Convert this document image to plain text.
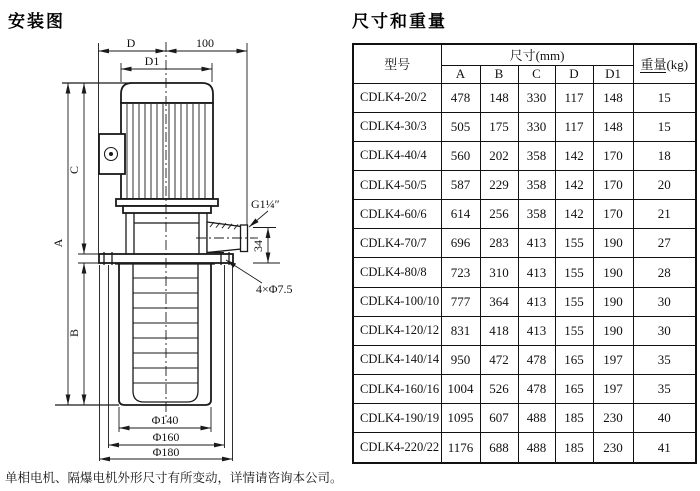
安装图	尺寸和重量
D	100
D1
A
C
B
34
G1¼″
4×Φ7.5
Φ140
Φ160
Φ180
型号	尺寸(mm)					重量(kg)
	A	B	C	D	D1	
CDLK4-20/2	478	148	330	117	148	15
CDLK4-30/3	505	175	330	117	148	15
CDLK4-40/4	560	202	358	142	170	18
CDLK4-50/5	587	229	358	142	170	20
CDLK4-60/6	614	256	358	142	170	21
CDLK4-70/7	696	283	413	155	190	27
CDLK4-80/8	723	310	413	155	190	28
CDLK4-100/10	777	364	413	155	190	30
CDLK4-120/12	831	418	413	155	190	30
CDLK4-140/14	950	472	478	165	197	35
CDLK4-160/16	1004	526	478	165	197	35
CDLK4-190/19	1095	607	488	185	230	40
CDLK4-220/22	1176	688	488	185	230	41
单相电机、隔爆电机外形尺寸有所变动，详情请咨询本公司。
